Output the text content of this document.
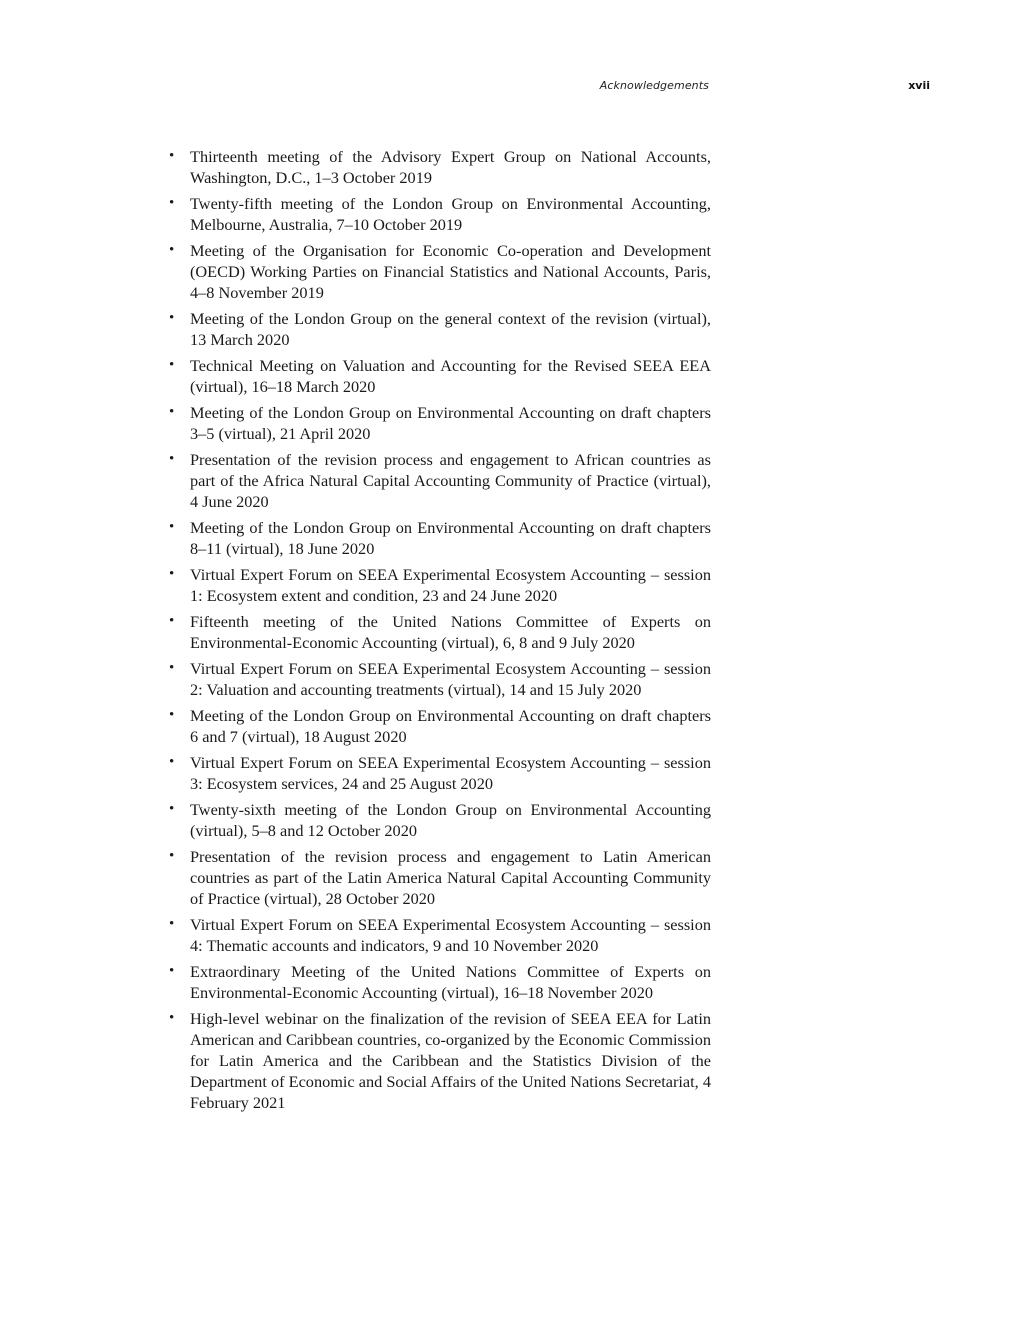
Acknowledgements	xvii
• Thirteenth meeting of the Advisory Expert Group on National Accounts, Washington, D.C., 1–3 October 2019
• Twenty-fifth meeting of the London Group on Environmental Accounting, Melbourne, Australia, 7–10 October 2019
• Meeting of the Organisation for Economic Co-operation and Development (OECD) Working Parties on Financial Statistics and National Accounts, Paris, 4–8 November 2019
• Meeting of the London Group on the general context of the revision (virtual), 13 March 2020
• Technical Meeting on Valuation and Accounting for the Revised SEEA EEA (virtual), 16–18 March 2020
• Meeting of the London Group on Environmental Accounting on draft chapters 3–5 (virtual), 21 April 2020
• Presentation of the revision process and engagement to African countries as part of the Africa Natural Capital Accounting Community of Practice (virtual), 4 June 2020
• Meeting of the London Group on Environmental Accounting on draft chapters 8–11 (virtual), 18 June 2020
• Virtual Expert Forum on SEEA Experimental Ecosystem Accounting – session 1: Ecosystem extent and condition, 23 and 24 June 2020
• Fifteenth meeting of the United Nations Committee of Experts on Environmental-Economic Accounting (virtual), 6, 8 and 9 July 2020
• Virtual Expert Forum on SEEA Experimental Ecosystem Accounting – session 2: Valuation and accounting treatments (virtual), 14 and 15 July 2020
• Meeting of the London Group on Environmental Accounting on draft chapters 6 and 7 (virtual), 18 August 2020
• Virtual Expert Forum on SEEA Experimental Ecosystem Accounting – session 3: Ecosystem services, 24 and 25 August 2020
• Twenty-sixth meeting of the London Group on Environmental Accounting (virtual), 5–8 and 12 October 2020
• Presentation of the revision process and engagement to Latin American countries as part of the Latin America Natural Capital Accounting Community of Practice (virtual), 28 October 2020
• Virtual Expert Forum on SEEA Experimental Ecosystem Accounting – session 4: Thematic accounts and indicators, 9 and 10 November 2020
• Extraordinary Meeting of the United Nations Committee of Experts on Environmental-Economic Accounting (virtual), 16–18 November 2020
• High-level webinar on the finalization of the revision of SEEA EEA for Latin American and Caribbean countries, co-organized by the Economic Commission for Latin America and the Caribbean and the Statistics Division of the Department of Economic and Social Affairs of the United Nations Secretariat, 4 February 2021
